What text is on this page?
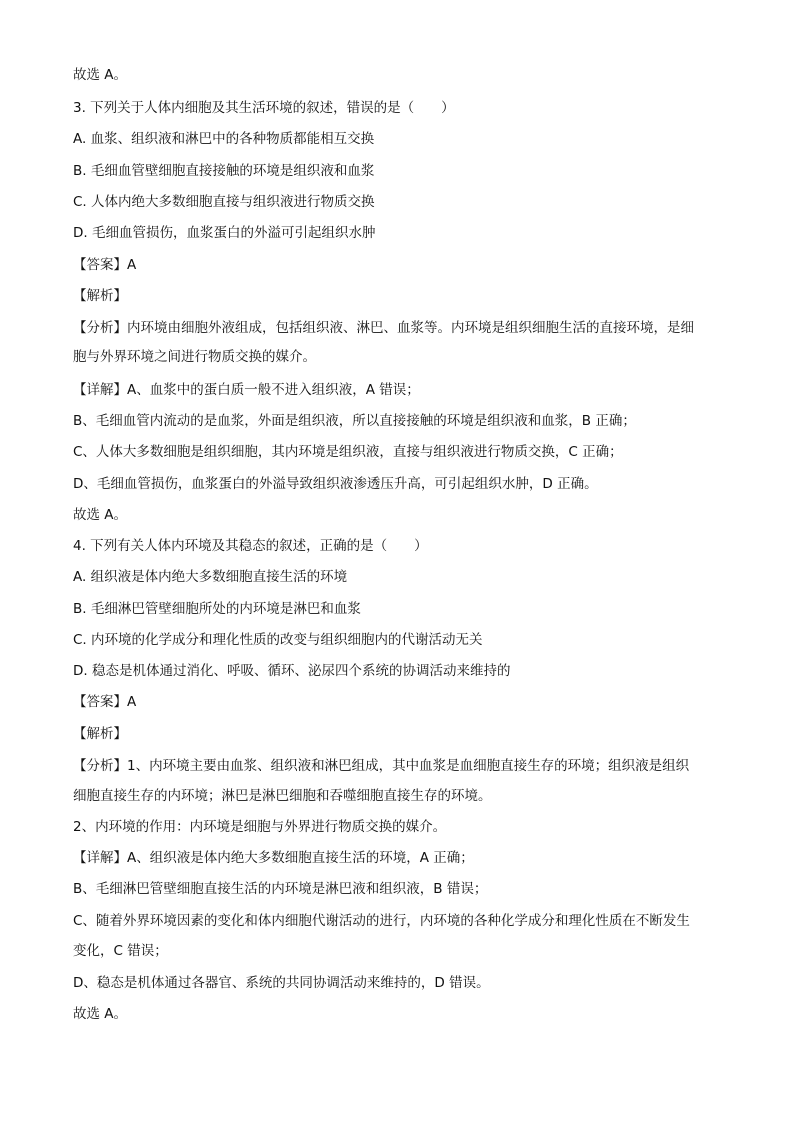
故选 A。
3. 下列关于人体内细胞及其生活环境的叙述，错误的是（　　）
A. 血浆、组织液和淋巴中的各种物质都能相互交换
B. 毛细血管壁细胞直接接触的环境是组织液和血浆
C. 人体内绝大多数细胞直接与组织液进行物质交换
D. 毛细血管损伤，血浆蛋白的外溢可引起组织水肿
【答案】A
【解析】
【分析】内环境由细胞外液组成，包括组织液、淋巴、血浆等。内环境是组织细胞生活的直接环境，是细
胞与外界环境之间进行物质交换的媒介。
【详解】A、血浆中的蛋白质一般不进入组织液，A 错误；
B、毛细血管内流动的是血浆，外面是组织液，所以直接接触的环境是组织液和血浆，B 正确；
C、人体大多数细胞是组织细胞，其内环境是组织液，直接与组织液进行物质交换，C 正确；
D、毛细血管损伤，血浆蛋白的外溢导致组织液渗透压升高，可引起组织水肿，D 正确。
故选 A。
4. 下列有关人体内环境及其稳态的叙述，正确的是（　　）
A. 组织液是体内绝大多数细胞直接生活的环境
B. 毛细淋巴管壁细胞所处的内环境是淋巴和血浆
C. 内环境的化学成分和理化性质的改变与组织细胞内的代谢活动无关
D. 稳态是机体通过消化、呼吸、循环、泌尿四个系统的协调活动来维持的
【答案】A
【解析】
【分析】1、内环境主要由血浆、组织液和淋巴组成，其中血浆是血细胞直接生存的环境；组织液是组织
细胞直接生存的内环境；淋巴是淋巴细胞和吞噬细胞直接生存的环境。
2、内环境的作用：内环境是细胞与外界进行物质交换的媒介。
【详解】A、组织液是体内绝大多数细胞直接生活的环境，A 正确；
B、毛细淋巴管壁细胞直接生活的内环境是淋巴液和组织液，B 错误；
C、随着外界环境因素的变化和体内细胞代谢活动的进行，内环境的各种化学成分和理化性质在不断发生
变化，C 错误；
D、稳态是机体通过各器官、系统的共同协调活动来维持的，D 错误。
故选 A。
